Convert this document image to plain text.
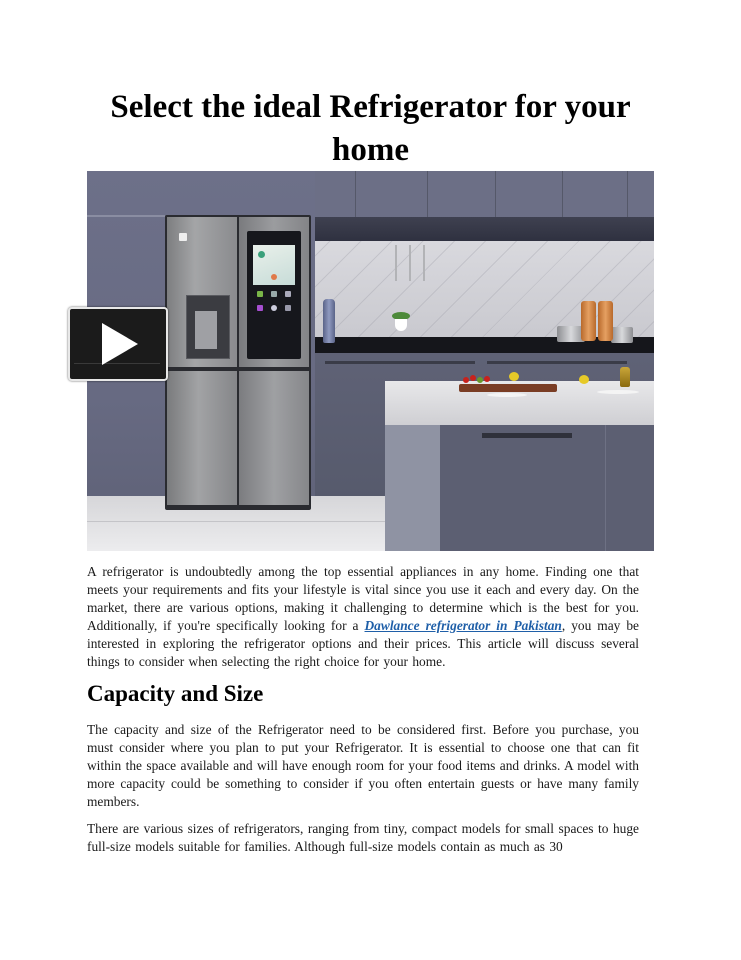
Select the ideal Refrigerator for your home

A refrigerator is undoubtedly among the top essential appliances in any home. Finding one that meets your requirements and fits your lifestyle is vital since you use it each and every day. On the market, there are various options, making it challenging to determine which is the best for you. Additionally, if you're specifically looking for a Dawlance refrigerator in Pakistan, you may be interested in exploring the refrigerator options and their prices. This article will discuss several things to consider when selecting the right choice for your home.

Capacity and Size

The capacity and size of the Refrigerator need to be considered first. Before you purchase, you must consider where you plan to put your Refrigerator. It is essential to choose one that can fit within the space available and will have enough room for your food items and drinks. A model with more capacity could be something to consider if you often entertain guests or have many family members.

There are various sizes of refrigerators, ranging from tiny, compact models for small spaces to huge full-size models suitable for families. Although full-size models contain as much as 30
